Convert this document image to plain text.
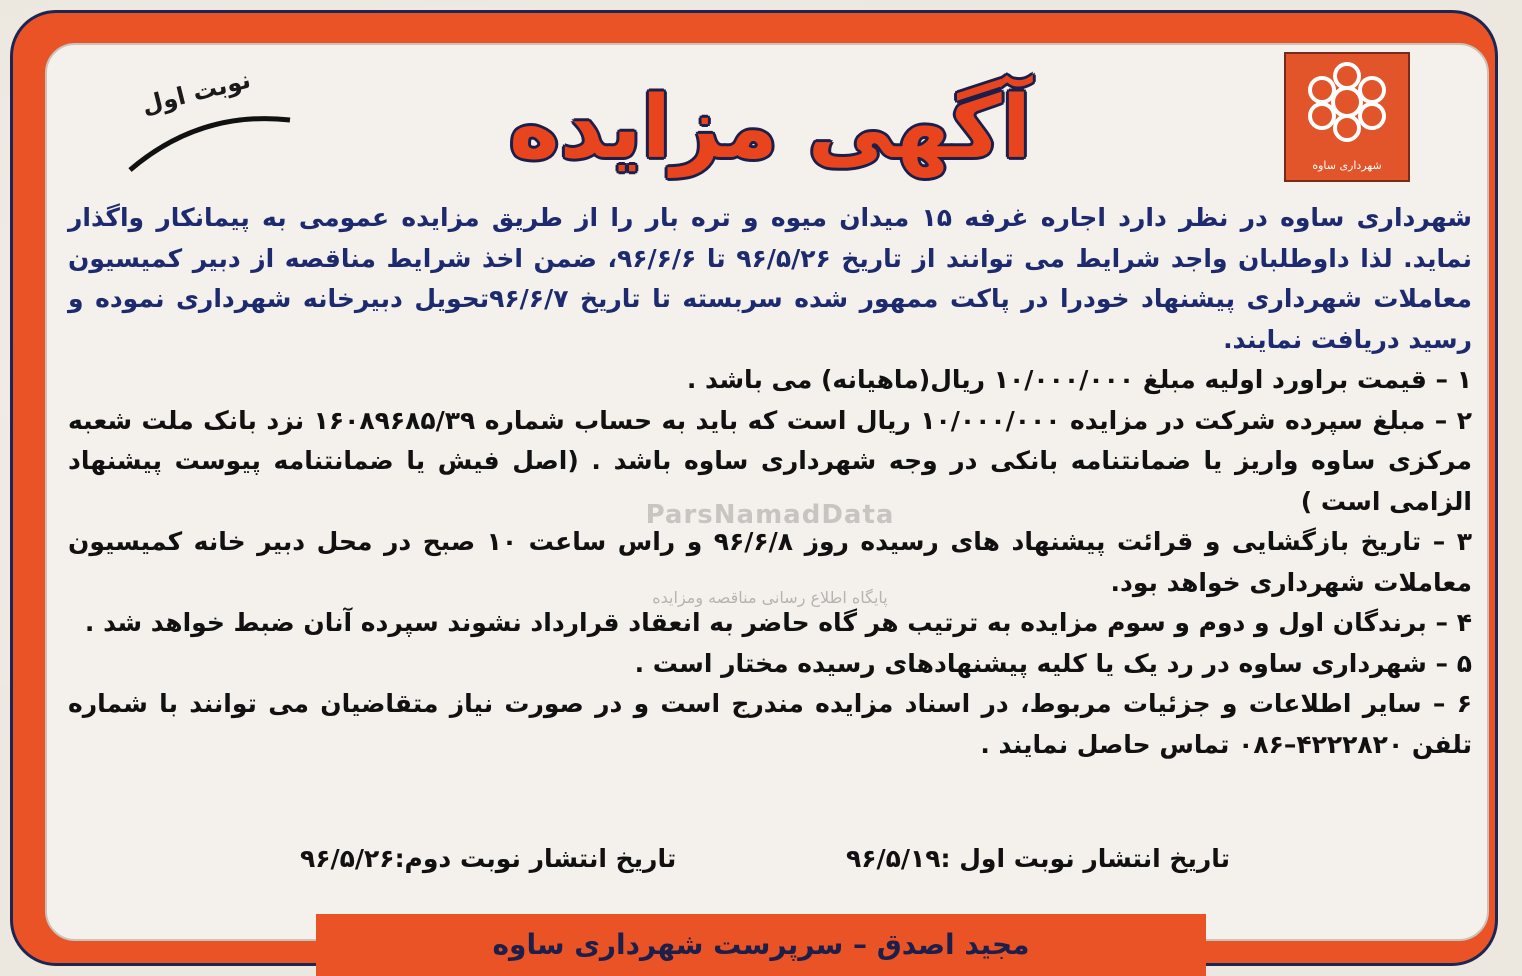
شهرداری ساوه
نوبت اول	آگهی مزایده

شهرداری ساوه در نظر دارد اجاره غرفه ۱۵ میدان میوه و تره بار را از طریق مزایده عمومی به پیمانکار واگذار نماید. لذا داوطلبان واجد شرایط می توانند از تاریخ ۹۶/۵/۲۶ تا ۹۶/۶/۶، ضمن اخذ شرایط مناقصه از دبیر کمیسیون معاملات شهرداری پیشنهاد خودرا در پاکت ممهور شده سربسته تا تاریخ ۹۶/۶/۷تحویل دبیرخانه شهرداری نموده و رسید دریافت نمایند.

۱ – قیمت براورد اولیه مبلغ ۱۰/۰۰۰/۰۰۰ ریال(ماهیانه) می باشد .

۲ – مبلغ سپرده شرکت در مزایده ۱۰/۰۰۰/۰۰۰ ریال است که باید به حساب شماره ۱۶۰۸۹۶۸۵/۳۹ نزد بانک ملت شعبه مرکزی ساوه واریز یا ضمانتنامه بانکی در وجه شهرداری ساوه باشد . (اصل فیش یا ضمانتنامه پیوست پیشنهاد الزامی است )

۳ – تاریخ بازگشایی و قرائت پیشنهاد های رسیده روز ۹۶/۶/۸ و راس ساعت ۱۰ صبح در محل دبیر خانه کمیسیون معاملات شهرداری خواهد بود.

۴ – برندگان اول و دوم و سوم مزایده به ترتیب هر گاه حاضر به انعقاد قرارداد نشوند سپرده آنان ضبط خواهد شد .

۵ – شهرداری ساوه در رد یک یا کلیه پیشنهادهای رسیده مختار است .

۶ – سایر اطلاعات و جزئیات مربوط، در اسناد مزایده مندرج است و در صورت نیاز متقاضیان می توانند با شماره تلفن ۴۲۲۲۸۲۰–۰۸۶ تماس حاصل نمایند .

ParsNamadData
پایگاه اطلاع رسانی مناقصه ومزایده
تاریخ انتشار نوبت اول :۹۶/۵/۱۹
تاریخ انتشار نوبت دوم:۹۶/۵/۲۶
مجید اصدق – سرپرست شهرداری ساوه
